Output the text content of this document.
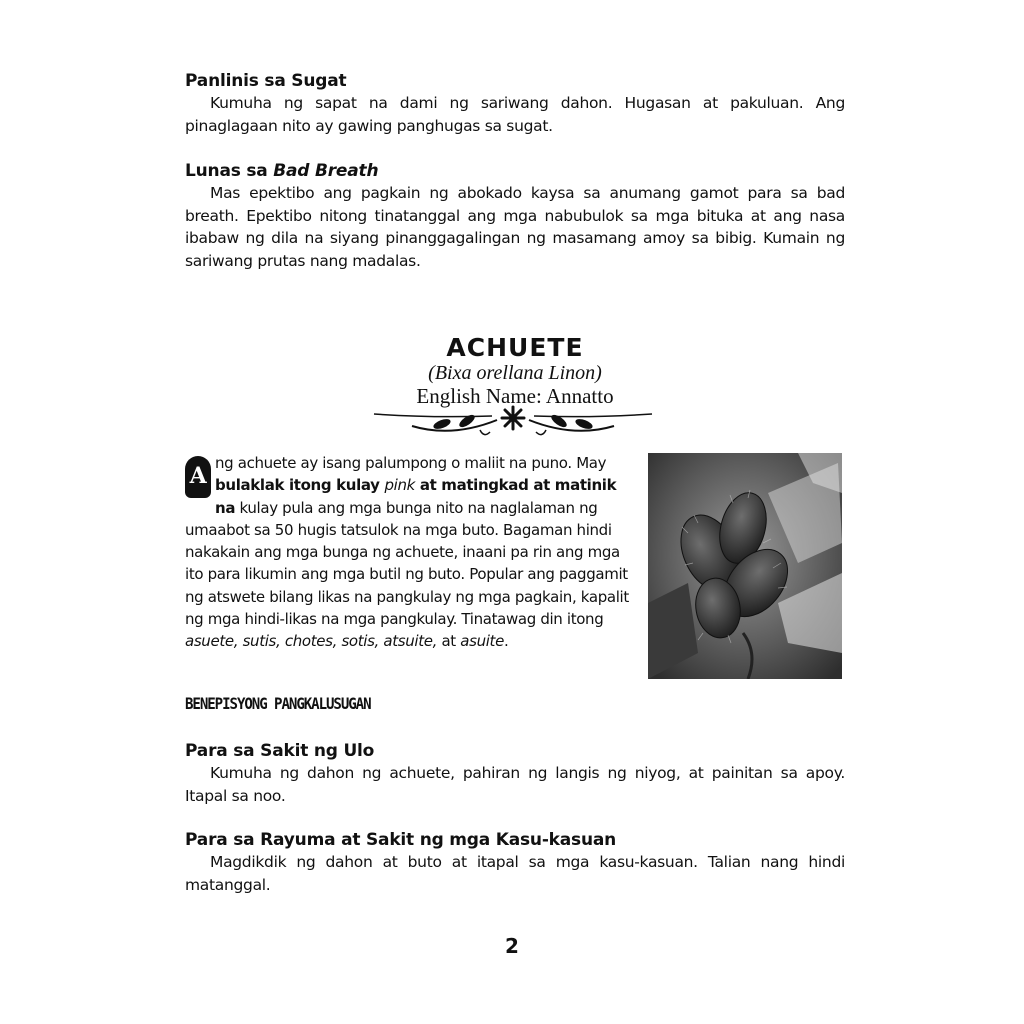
Panlinis sa Sugat

Kumuha ng sapat na dami ng sariwang dahon. Hugasan at pakuluan. Ang pinaglagaan nito ay gawing panghugas sa sugat.

Lunas sa Bad Breath

Mas epektibo ang pagkain ng abokado kaysa sa anumang gamot para sa bad breath. Epektibo nitong tinatanggal ang mga nabubulok sa mga bituka at ang nasa ibabaw ng dila na siyang pinanggagalingan ng masamang amoy sa bibig. Kumain ng sariwang prutas nang madalas.

ACHUETE
(Bixa orellana Linon)
English Name: Annatto

A ng achuete ay isang palumpong o maliit na puno. May bulaklak itong kulay pink at matingkad at matinik na kulay pula ang mga bunga nito na naglalaman ng umaabot sa 50 hugis tatsulok na mga buto. Bagaman hindi nakakain ang mga bunga ng achuete, inaani pa rin ang mga ito para likumin ang mga butil ng buto. Popular ang paggamit ng atswete bilang likas na pangkulay ng mga pagkain, kapalit ng mga hindi-likas na mga pangkulay. Tinatawag din itong asuete, sutis, chotes, sotis, atsuite, at asuite.

BENEPISYONG PANGKALUSUGAN
Para sa Sakit ng Ulo

Kumuha ng dahon ng achuete, pahiran ng langis ng niyog, at painitan sa apoy. Itapal sa noo.

Para sa Rayuma at Sakit ng mga Kasu-kasuan

Magdikdik ng dahon at buto at itapal sa mga kasu-kasuan. Talian nang hindi matanggal.

2
